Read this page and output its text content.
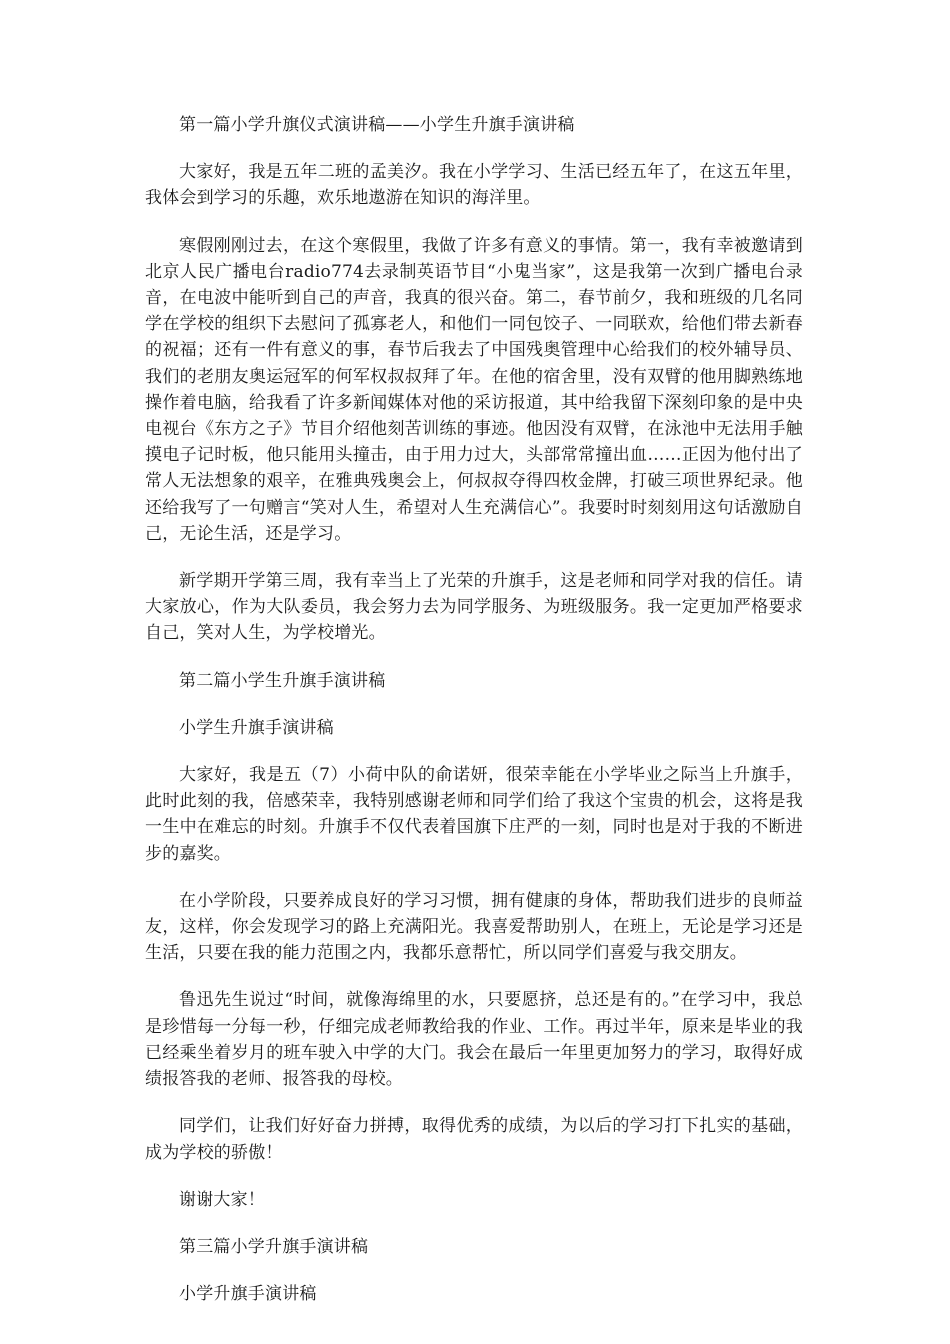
第一篇小学升旗仪式演讲稿——小学生升旗手演讲稿

大家好，我是五年二班的孟美汐。我在小学学习、生活已经五年了，在这五年里，我体会到学习的乐趣，欢乐地遨游在知识的海洋里。

寒假刚刚过去，在这个寒假里，我做了许多有意义的事情。第一，我有幸被邀请到北京人民广播电台radio774去录制英语节目“小鬼当家”，这是我第一次到广播电台录音，在电波中能听到自己的声音，我真的很兴奋。第二，春节前夕，我和班级的几名同学在学校的组织下去慰问了孤寡老人，和他们一同包饺子、一同联欢，给他们带去新春的祝福；还有一件有意义的事，春节后我去了中国残奥管理中心给我们的校外辅导员、我们的老朋友奥运冠军的何军权叔叔拜了年。在他的宿舍里，没有双臂的他用脚熟练地操作着电脑，给我看了许多新闻媒体对他的采访报道，其中给我留下深刻印象的是中央电视台《东方之子》节目介绍他刻苦训练的事迹。他因没有双臂，在泳池中无法用手触摸电子记时板，他只能用头撞击，由于用力过大，头部常常撞出血……正因为他付出了常人无法想象的艰辛，在雅典残奥会上，何叔叔夺得四枚金牌，打破三项世界纪录。他还给我写了一句赠言“笑对人生，希望对人生充满信心”。我要时时刻刻用这句话激励自己，无论生活，还是学习。

新学期开学第三周，我有幸当上了光荣的升旗手，这是老师和同学对我的信任。请大家放心，作为大队委员，我会努力去为同学服务、为班级服务。我一定更加严格要求自己，笑对人生，为学校增光。

第二篇小学生升旗手演讲稿

小学生升旗手演讲稿

大家好，我是五（7）小荷中队的俞诺妍，很荣幸能在小学毕业之际当上升旗手，此时此刻的我，倍感荣幸，我特别感谢老师和同学们给了我这个宝贵的机会，这将是我一生中在难忘的时刻。升旗手不仅代表着国旗下庄严的一刻，同时也是对于我的不断进步的嘉奖。

在小学阶段，只要养成良好的学习习惯，拥有健康的身体，帮助我们进步的良师益友，这样，你会发现学习的路上充满阳光。我喜爱帮助别人，在班上，无论是学习还是生活，只要在我的能力范围之内，我都乐意帮忙，所以同学们喜爱与我交朋友。

鲁迅先生说过“时间，就像海绵里的水，只要愿挤，总还是有的。”在学习中，我总是珍惜每一分每一秒，仔细完成老师教给我的作业、工作。再过半年，原来是毕业的我已经乘坐着岁月的班车驶入中学的大门。我会在最后一年里更加努力的学习，取得好成绩报答我的老师、报答我的母校。

同学们，让我们好好奋力拼搏，取得优秀的成绩，为以后的学习打下扎实的基础，成为学校的骄傲！

谢谢大家！

第三篇小学升旗手演讲稿

小学升旗手演讲稿
